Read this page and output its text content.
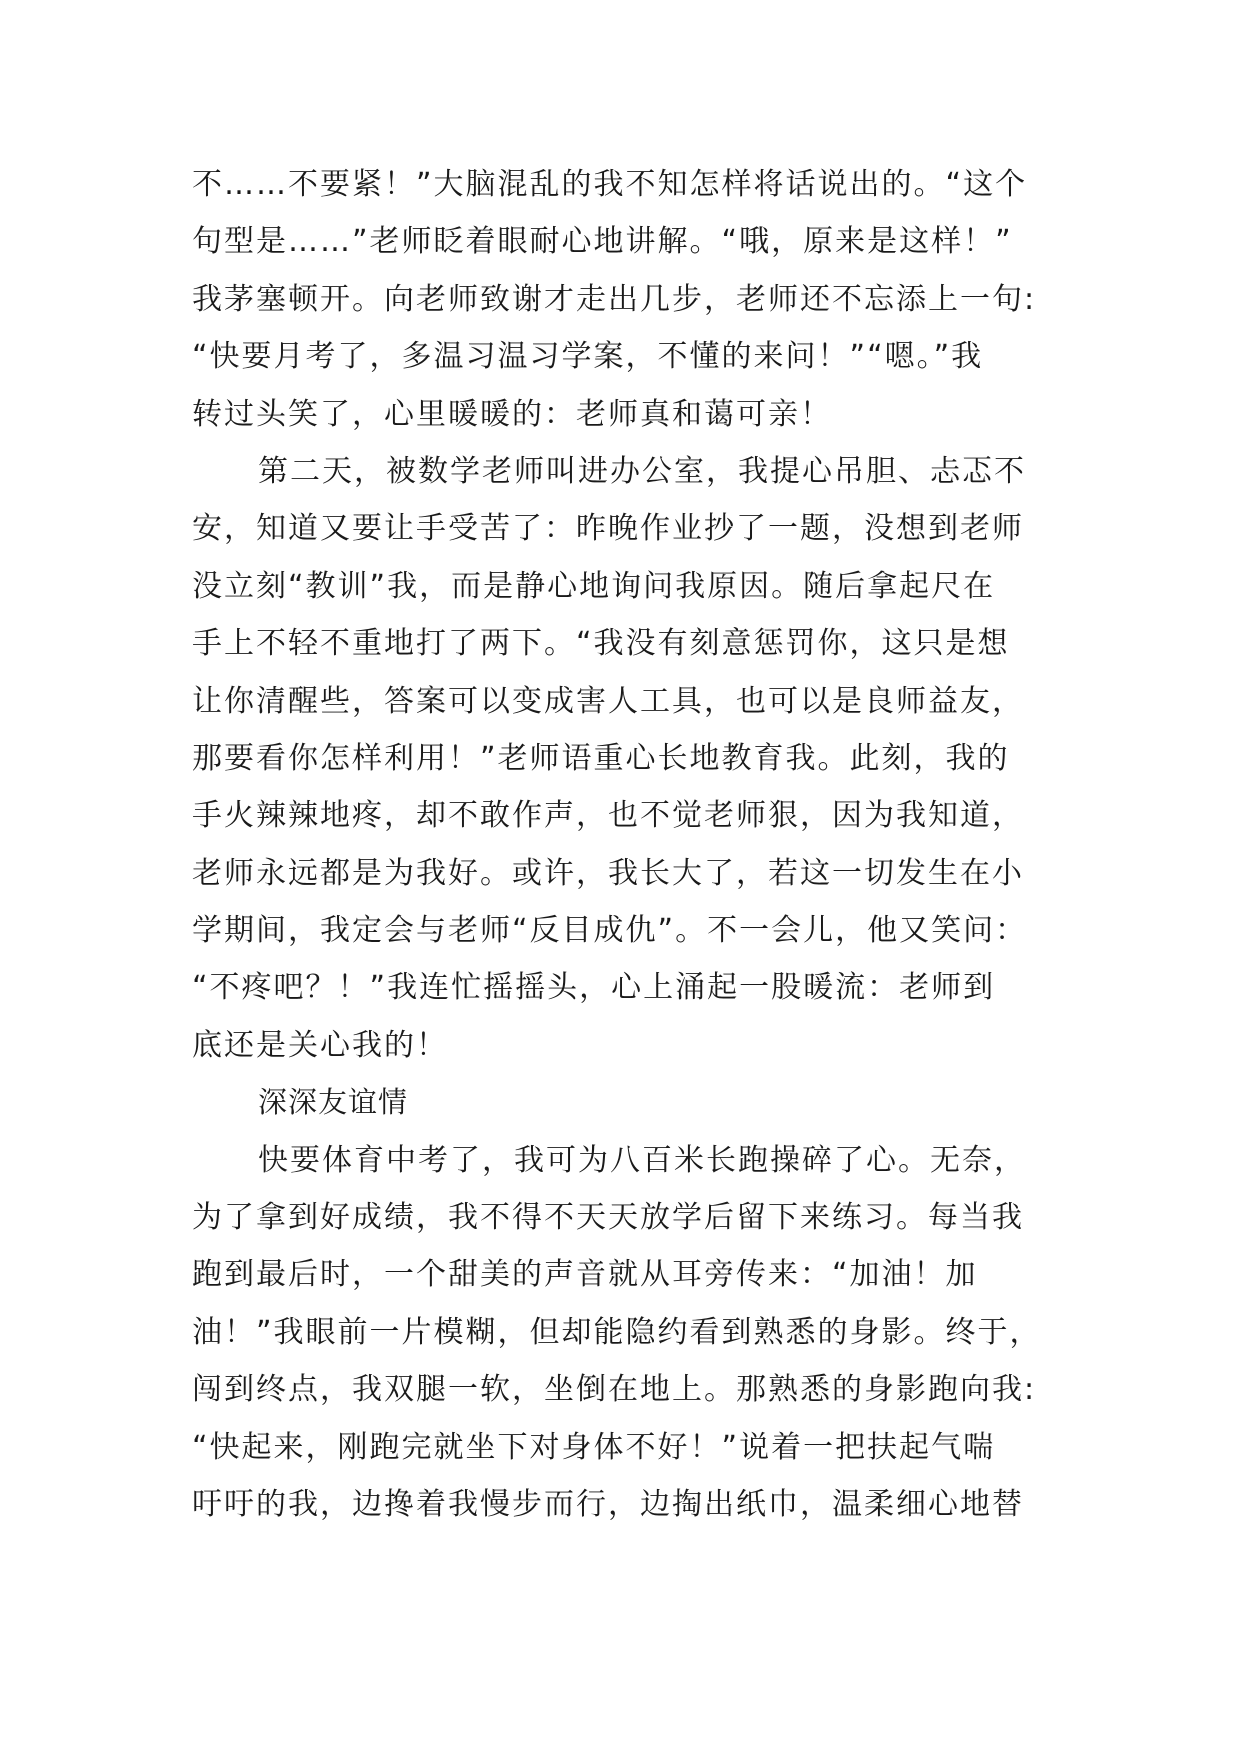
不……不要紧！”大脑混乱的我不知怎样将话说出的。“这个
句型是……”老师眨着眼耐心地讲解。“哦，原来是这样！”
我茅塞顿开。向老师致谢才走出几步，老师还不忘添上一句:
“快要月考了，多温习温习学案，不懂的来问！”“嗯。”我
转过头笑了，心里暖暖的：老师真和蔼可亲！
第二天，被数学老师叫进办公室，我提心吊胆、忐忑不
安，知道又要让手受苦了：昨晚作业抄了一题，没想到老师
没立刻“教训”我，而是静心地询问我原因。随后拿起尺在
手上不轻不重地打了两下。“我没有刻意惩罚你，这只是想
让你清醒些，答案可以变成害人工具，也可以是良师益友，
那要看你怎样利用！”老师语重心长地教育我。此刻，我的
手火辣辣地疼，却不敢作声，也不觉老师狠，因为我知道，
老师永远都是为我好。或许，我长大了，若这一切发生在小
学期间，我定会与老师“反目成仇”。不一会儿，他又笑问：
“不疼吧？！”我连忙摇摇头，心上涌起一股暖流：老师到
底还是关心我的！
深深友谊情
快要体育中考了，我可为八百米长跑操碎了心。无奈，
为了拿到好成绩，我不得不天天放学后留下来练习。每当我
跑到最后时，一个甜美的声音就从耳旁传来：“加油！加
油！”我眼前一片模糊，但却能隐约看到熟悉的身影。终于，
闯到终点，我双腿一软，坐倒在地上。那熟悉的身影跑向我:
“快起来，刚跑完就坐下对身体不好！”说着一把扶起气喘
吁吁的我，边搀着我慢步而行，边掏出纸巾，温柔细心地替
